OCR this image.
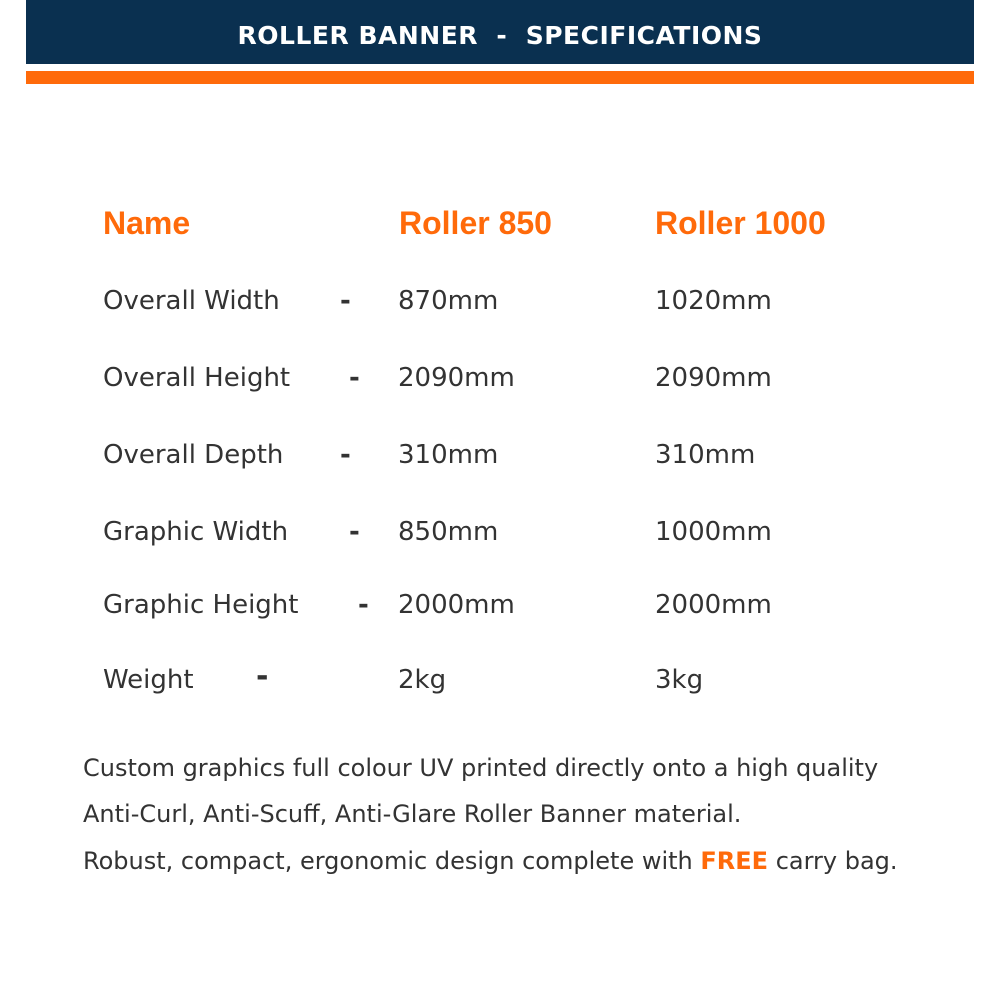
ROLLER BANNER  -  SPECIFICATIONS
Name	Roller 850	Roller 1000
Overall Width - 870mm	1020mm
Overall Height - 2090mm	2090mm
Overall Depth - 310mm	310mm
Graphic Width - 850mm	1000mm
Graphic Height - 2000mm	2000mm
Weight -	2kg	3kg
Custom graphics full colour UV printed directly onto a high quality
Anti-Curl, Anti-Scuff, Anti-Glare Roller Banner material.
Robust, compact, ergonomic design complete with FREE carry bag.
